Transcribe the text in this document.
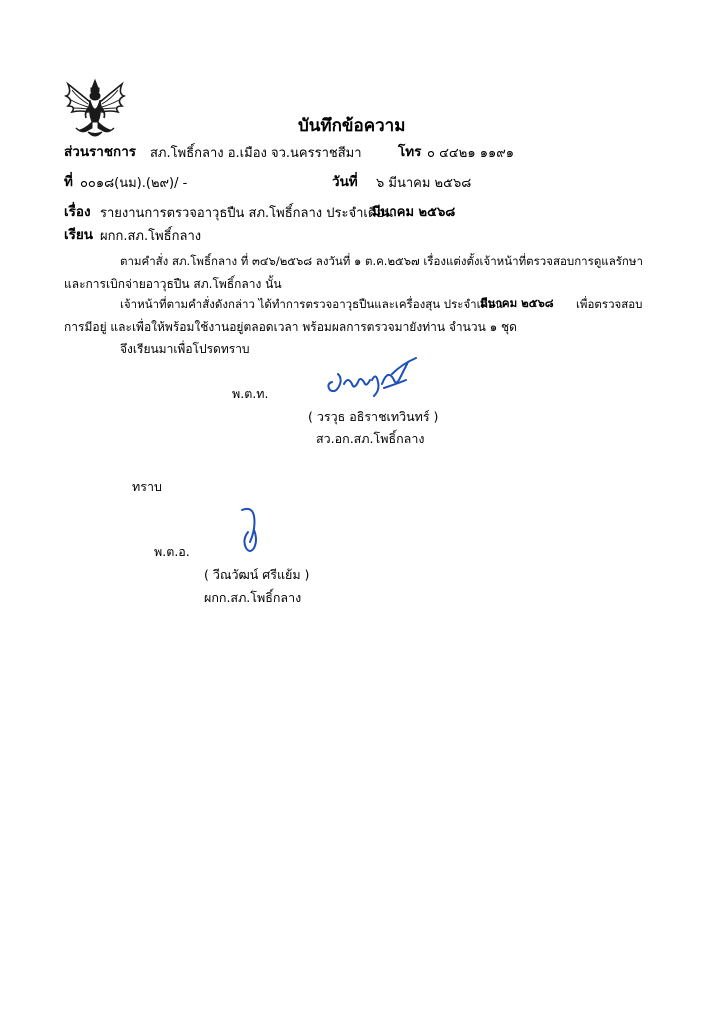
บันทึกข้อความ
ส่วนราชการ สภ.โพธิ์กลาง อ.เมือง จว.นครราชสีมา	โทร ๐ ๔๔๒๑ ๑๑๙๑
ที่ ๐๐๑๘(นม).(๒๙)/ -	วันที่ ๖ มีนาคม ๒๕๖๘
เรื่อง รายงานการตรวจอาวุธปืน สภ.โพธิ์กลาง ประจำเดือน
มีนาคม ๒๕๖๘
เรียน ผกก.สภ.โพธิ์กลาง
ตามคำสั่ง สภ.โพธิ์กลาง ที่ ๓๔๖/๒๕๖๘ ลงวันที่ ๑ ต.ค.๒๕๖๗ เรื่องแต่งตั้งเจ้าหน้าที่ตรวจสอบการดูแลรักษา
และการเบิกจ่ายอาวุธปืน สภ.โพธิ์กลาง นั้น
เจ้าหน้าที่ตามคำสั่งดังกล่าว ได้ทำการตรวจอาวุธปืนและเครื่องสุน ประจำเดือน
มีนาคม ๒๕๖๘ เพื่อตรวจสอบ
การมีอยู่ และเพื่อให้พร้อมใช้งานอยู่ตลอดเวลา พร้อมผลการตรวจมายังท่าน จำนวน ๑ ชุด
จึงเรียนมาเพื่อโปรดทราบ
พ.ต.ท.
( วรวุธ อธิราชเทวินทร์ )
สว.อก.สภ.โพธิ์กลาง
ทราบ
พ.ต.อ.
( วีณวัฒน์ ศรีแย้ม )
ผกก.สภ.โพธิ์กลาง
